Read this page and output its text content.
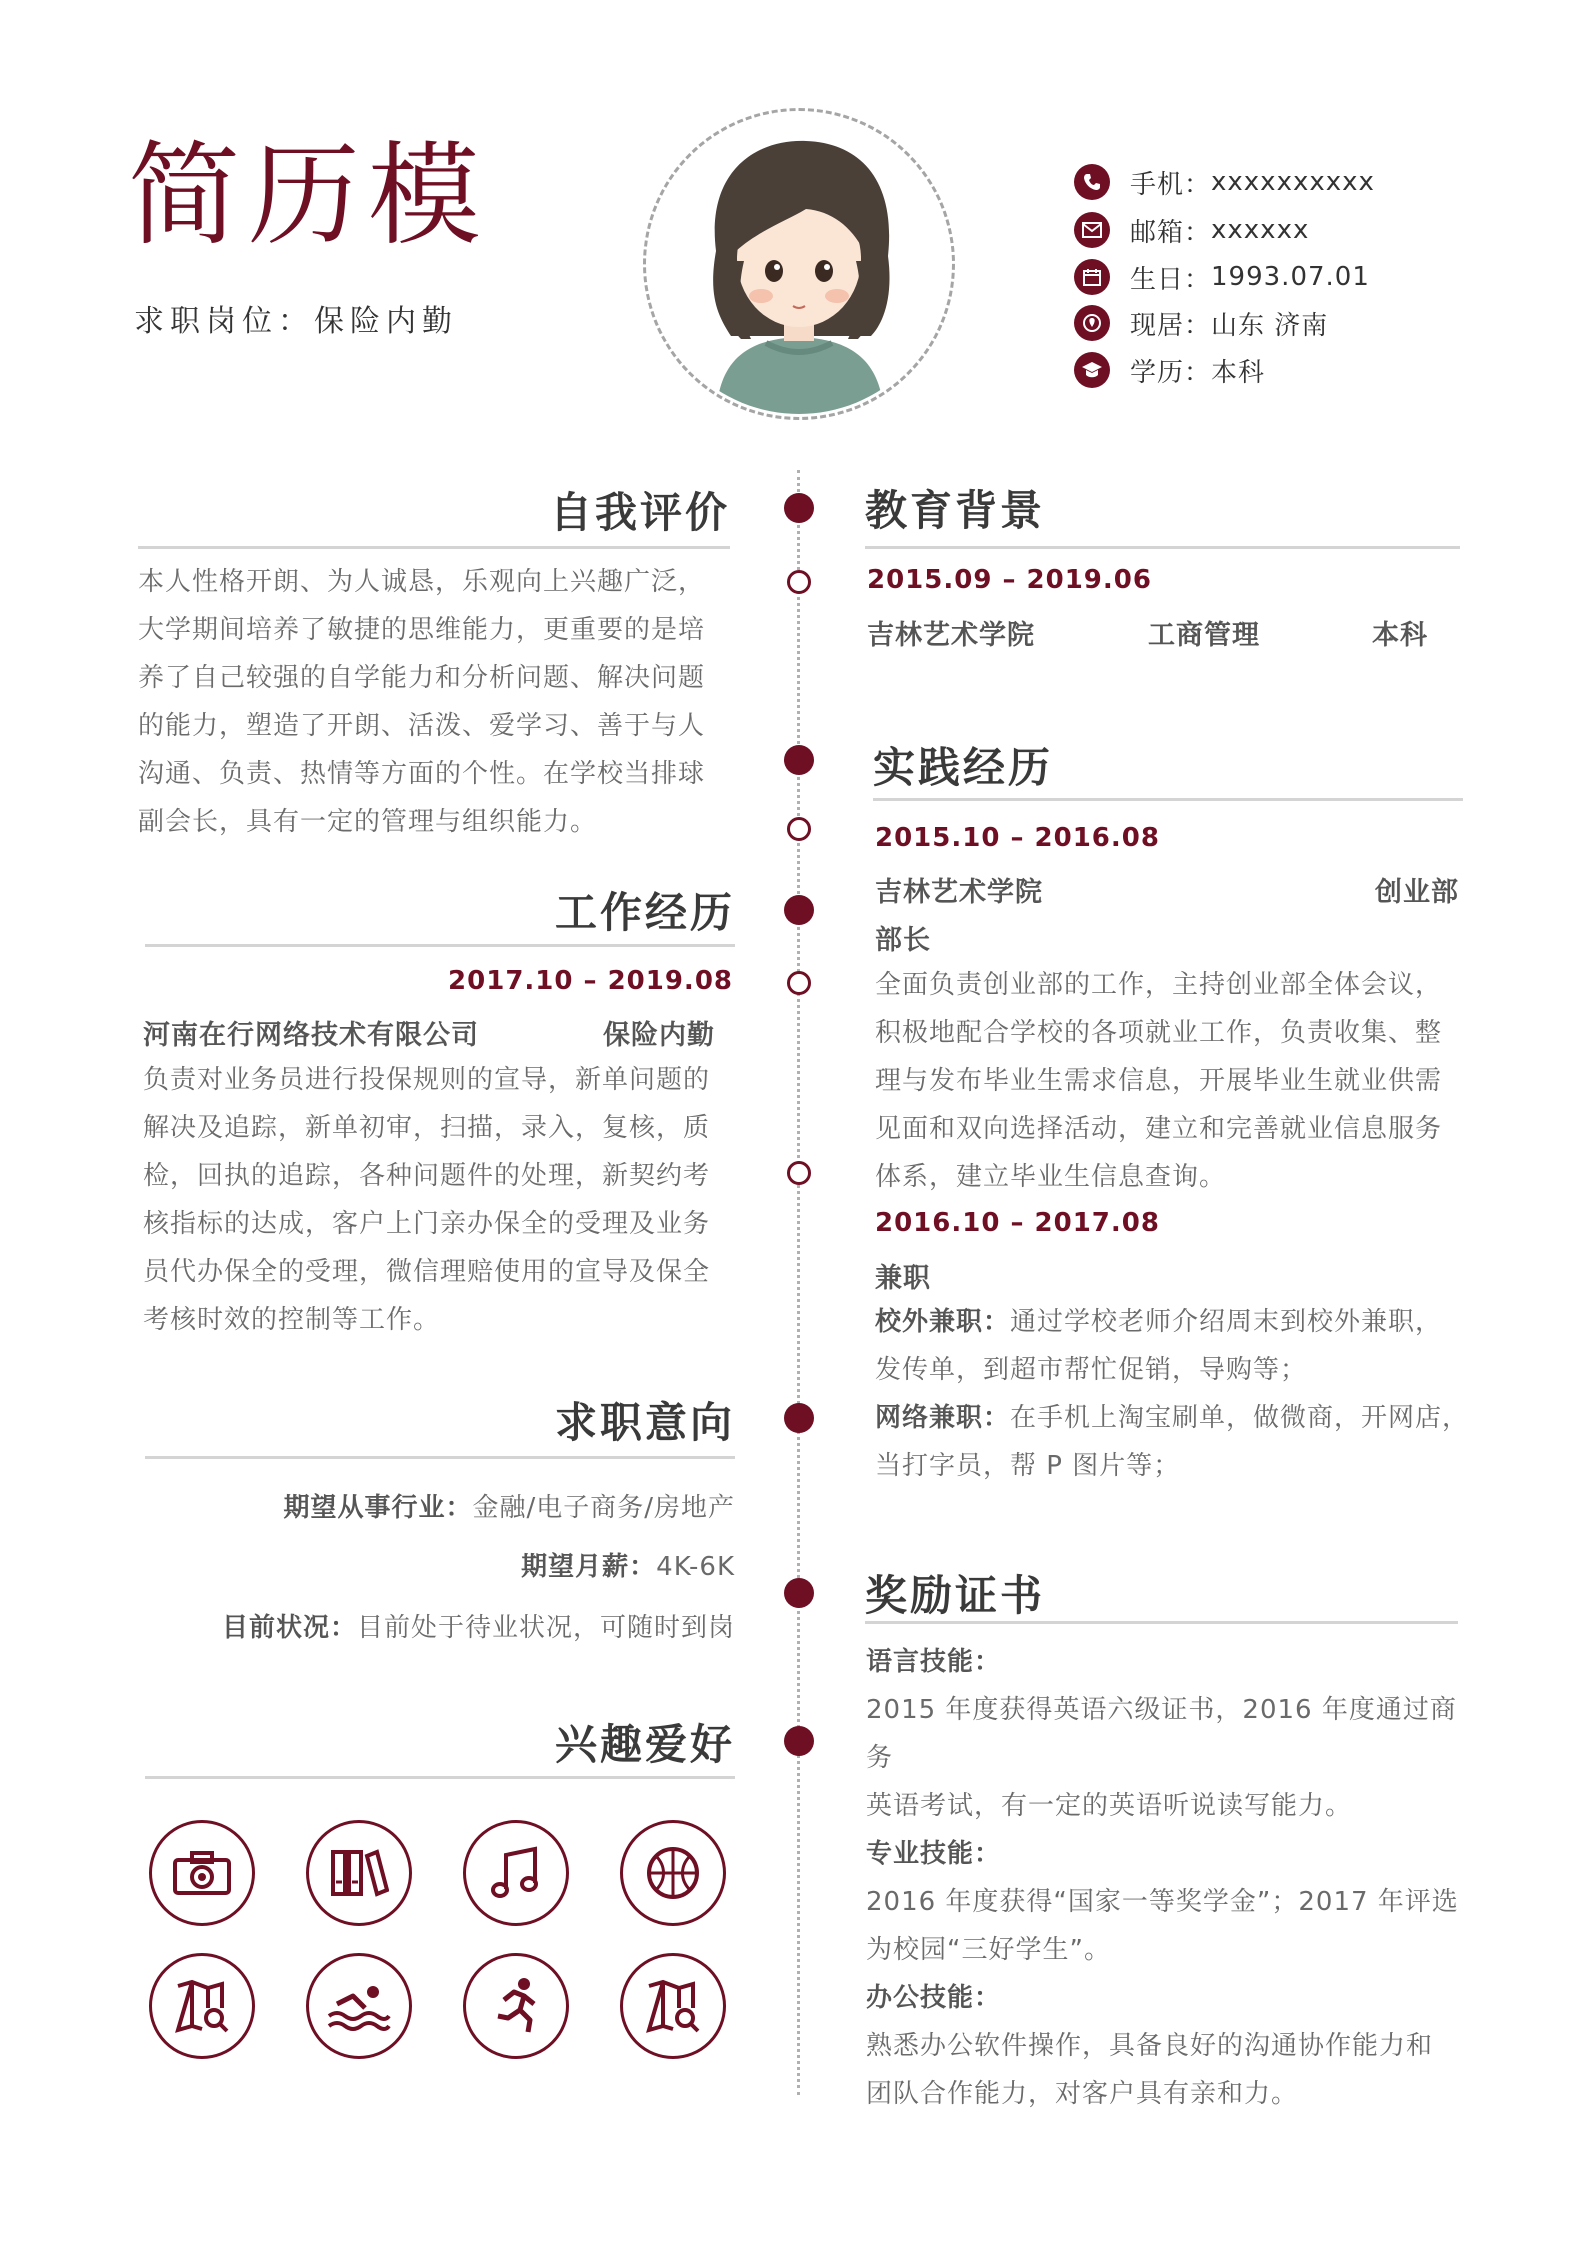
简历模
求职岗位：保险内勤
手机： xxxxxxxxxx
邮箱： xxxxxx
生日： 1993.07.01
现居： 山东 济南
学历： 本科
自我评价
本人性格开朗、为人诚恳，乐观向上兴趣广泛，
大学期间培养了敏捷的思维能力，更重要的是培
养了自己较强的自学能力和分析问题、解决问题
的能力，塑造了开朗、活泼、爱学习、善于与人
沟通、负责、热情等方面的个性。在学校当排球
副会长，具有一定的管理与组织能力。
工作经历
2017.10 – 2019.08
河南在行网络技术有限公司	保险内勤
负责对业务员进行投保规则的宣导，新单问题的
解决及追踪，新单初审，扫描，录入，复核，质
检，回执的追踪，各种问题件的处理，新契约考
核指标的达成，客户上门亲办保全的受理及业务
员代办保全的受理，微信理赔使用的宣导及保全
考核时效的控制等工作。
求职意向
期望从事行业：金融/电子商务/房地产
期望月薪：4K-6K
目前状况：目前处于待业状况，可随时到岗
兴趣爱好
教育背景
2015.09 – 2019.06
吉林艺术学院	工商管理	本科
实践经历
2015.10 – 2016.08
吉林艺术学院	创业部
部长
全面负责创业部的工作，主持创业部全体会议，
积极地配合学校的各项就业工作，负责收集、整
理与发布毕业生需求信息，开展毕业生就业供需
见面和双向选择活动，建立和完善就业信息服务
体系，建立毕业生信息查询。
2016.10 – 2017.08
兼职
校外兼职：通过学校老师介绍周末到校外兼职，
发传单，到超市帮忙促销，导购等；
网络兼职：在手机上淘宝刷单，做微商，开网店，
当打字员，帮 P 图片等；
奖励证书
语言技能：
2015 年度获得英语六级证书，2016 年度通过商务
英语考试，有一定的英语听说读写能力。
专业技能：
2016 年度获得“国家一等奖学金”；2017 年评选
为校园“三好学生”。
办公技能：
熟悉办公软件操作，具备良好的沟通协作能力和
团队合作能力，对客户具有亲和力。
